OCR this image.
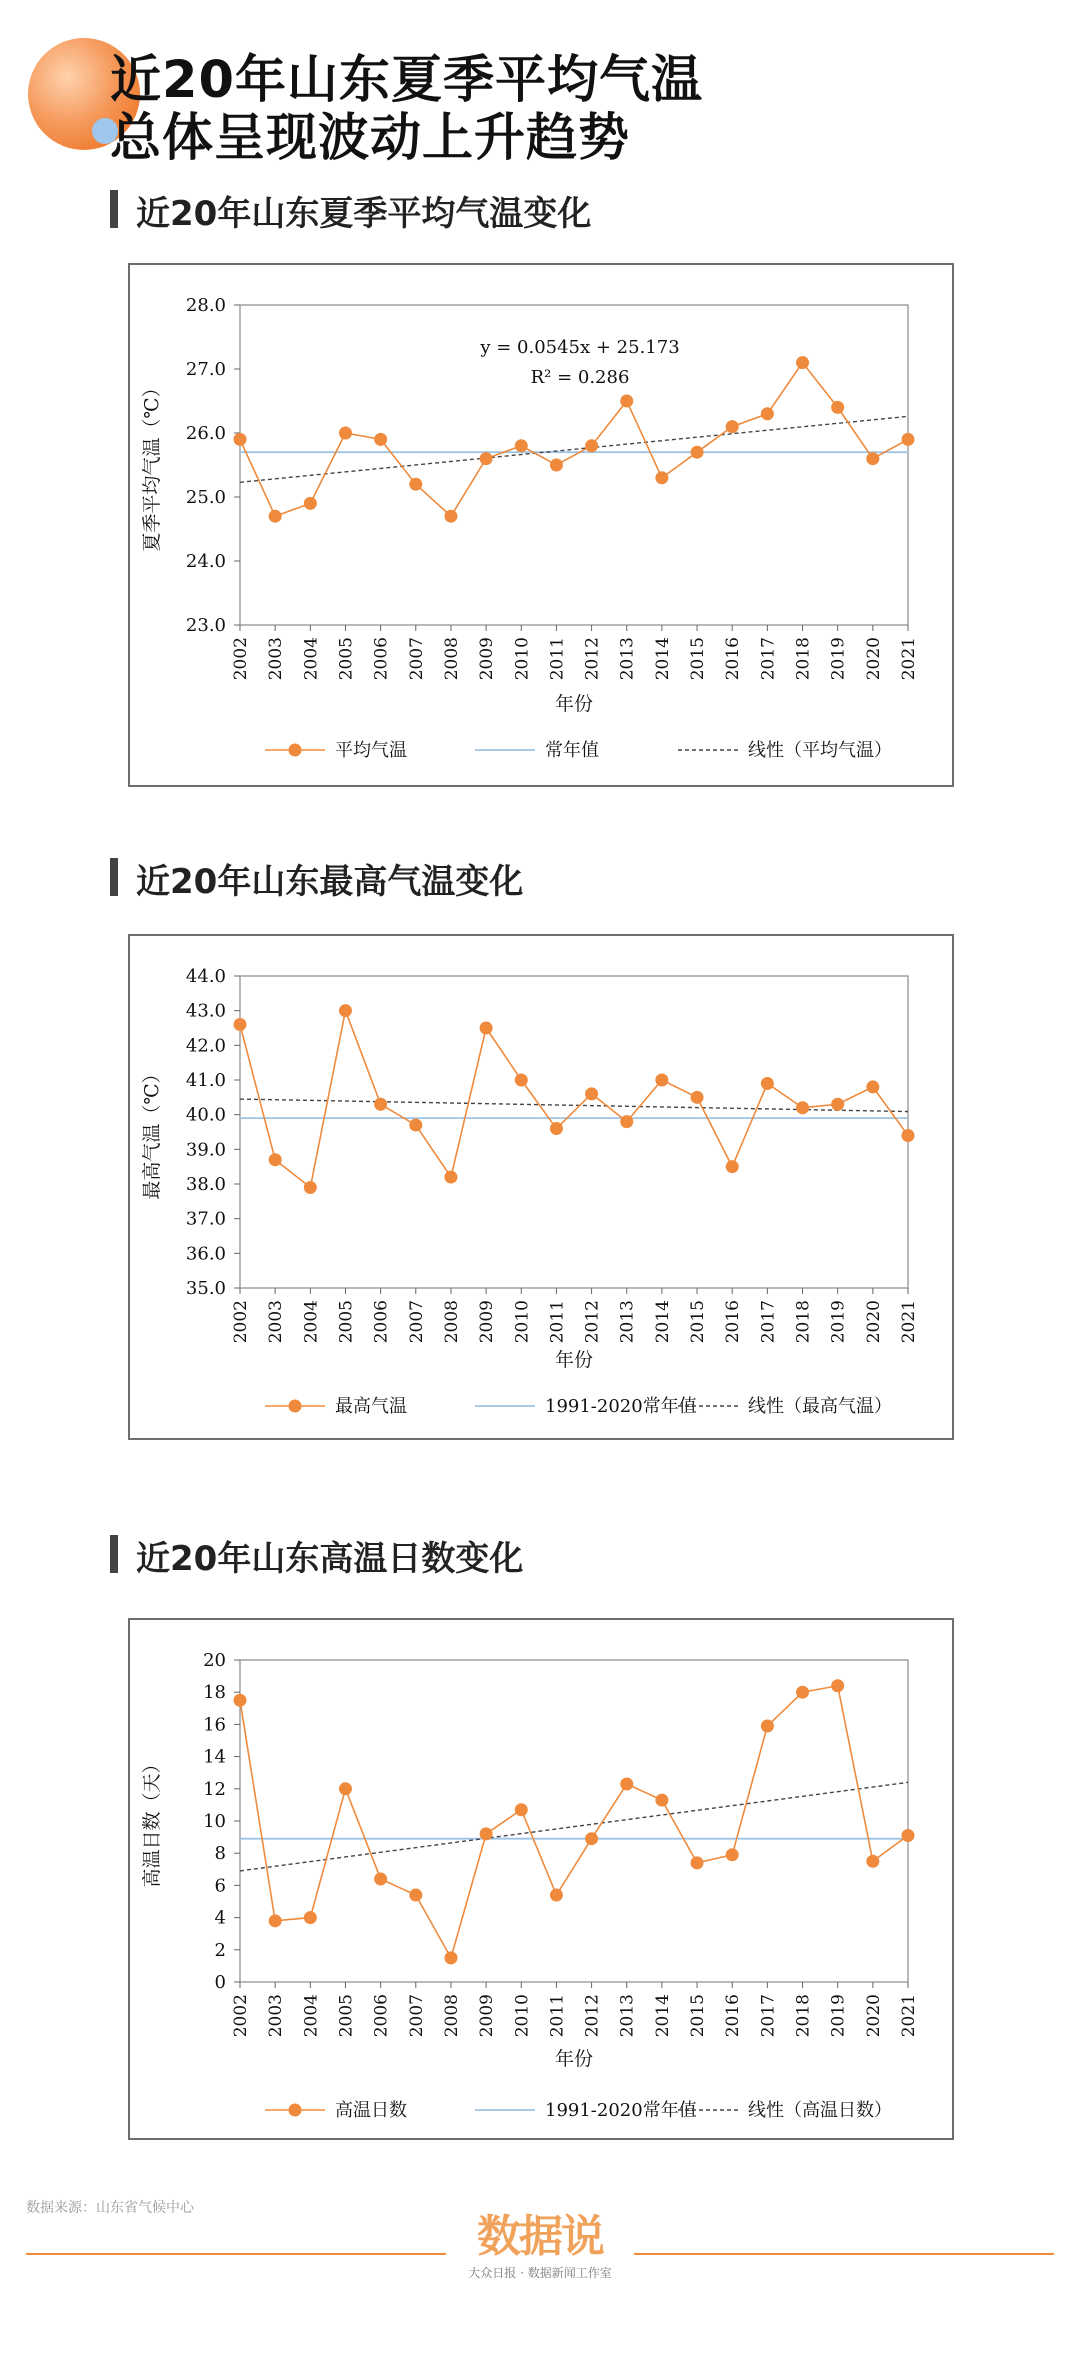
近20年山东夏季平均气温
总体呈现波动上升趋势
近20年山东夏季平均气温变化
23.0
24.0
25.0
26.0
27.0
28.0
2002 2003 2004 2005 2006 2007 2008 2009 2010 2011 2012 2013 2014 2015 2016 2017 2018 2019 2020 2021
年份
夏季平均气温（℃）
y = 0.0545x + 25.173
R² = 0.286
平均气温	常年值	线性（平均气温）
近20年山东最高气温变化
35.0
36.0
37.0
38.0
39.0
40.0
41.0
42.0
43.0
44.0
2002 2003 2004 2005 2006 2007 2008 2009 2010 2011 2012 2013 2014 2015 2016 2017 2018 2019 2020 2021
年份
最高气温（℃）
最高气温	1991-2020常年值	线性（最高气温）
近20年山东高温日数变化
0
2
4
6
8
10
12
14
16
18
20
2002 2003 2004 2005 2006 2007 2008 2009 2010 2011 2012 2013 2014 2015 2016 2017 2018 2019 2020 2021
年份
高温日数（天）
高温日数	1991-2020常年值	线性（高温日数）
数据来源：山东省气候中心
数据说
大众日报 · 数据新闻工作室
